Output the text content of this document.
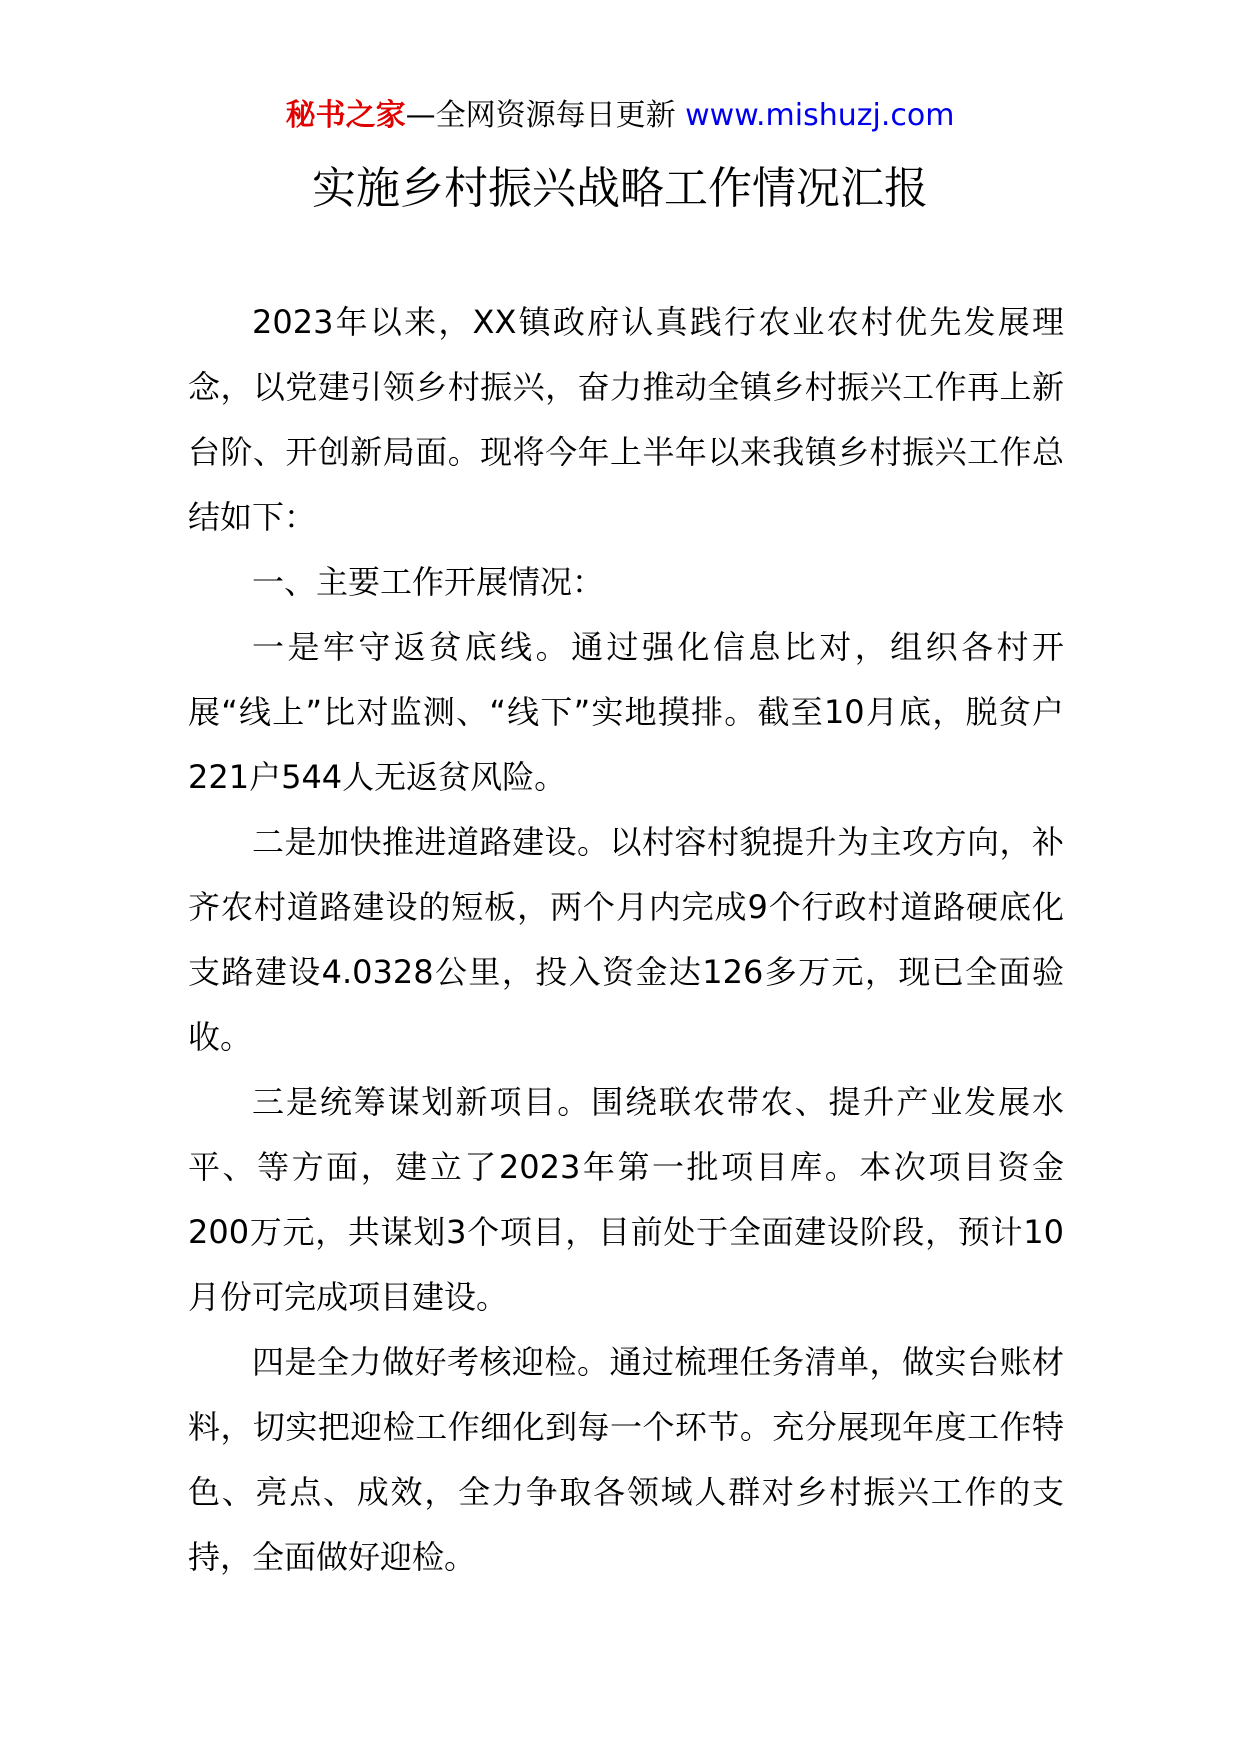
秘书之家—全网资源每日更新 www.mishuzj.com
实施乡村振兴战略工作情况汇报

2023年以来，XX镇政府认真践行农业农村优先发展理念，以党建引领乡村振兴，奋力推动全镇乡村振兴工作再上新台阶、开创新局面。现将今年上半年以来我镇乡村振兴工作总结如下：

一、主要工作开展情况：

一是牢守返贫底线。通过强化信息比对，组织各村开展“线上”比对监测、“线下”实地摸排。截至10月底，脱贫户221户544人无返贫风险。

二是加快推进道路建设。以村容村貌提升为主攻方向，补齐农村道路建设的短板，两个月内完成9个行政村道路硬底化支路建设4.0328公里，投入资金达126多万元，现已全面验收。

三是统筹谋划新项目。围绕联农带农、提升产业发展水平、等方面，建立了2023年第一批项目库。本次项目资金200万元，共谋划3个项目，目前处于全面建设阶段，预计10月份可完成项目建设。

四是全力做好考核迎检。通过梳理任务清单，做实台账材料，切实把迎检工作细化到每一个环节。充分展现年度工作特色、亮点、成效，全力争取各领域人群对乡村振兴工作的支持，全面做好迎检。
